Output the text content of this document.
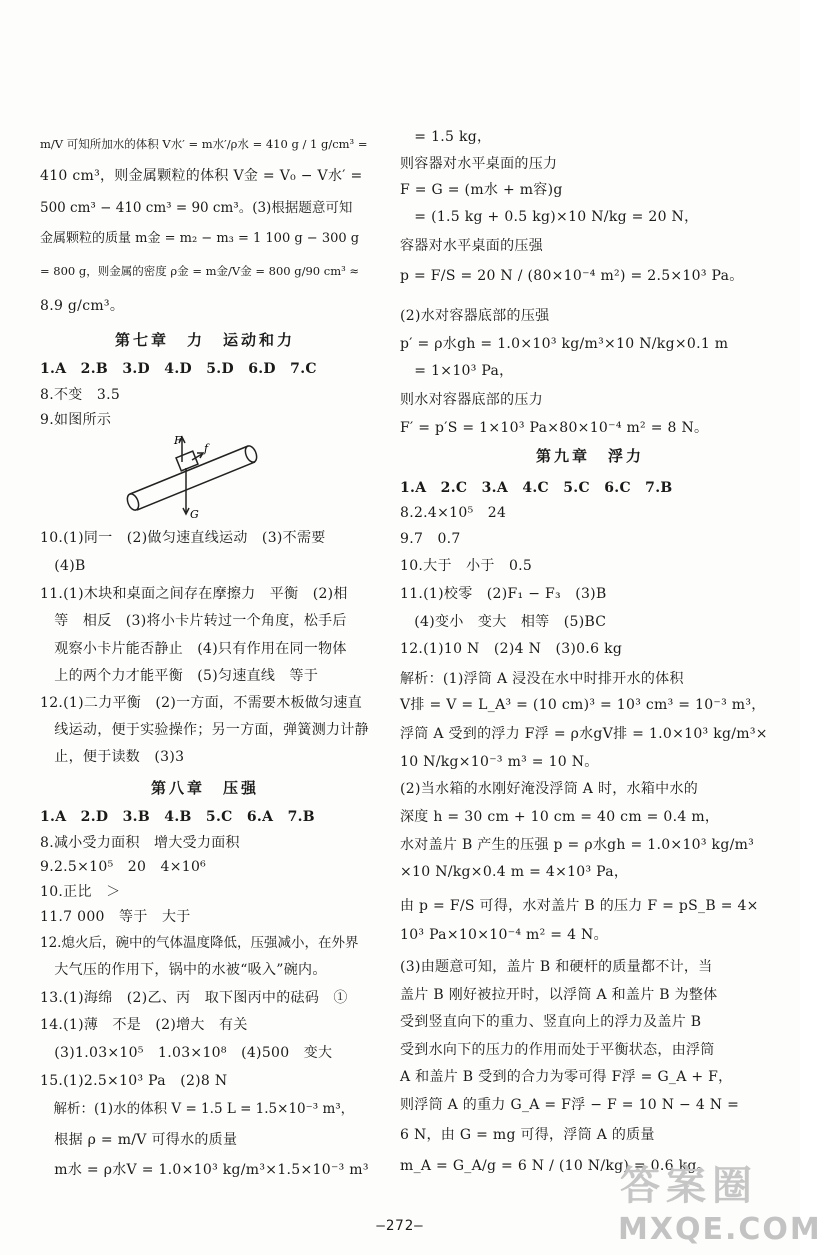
m/V 可知所加水的体积 V水′ = m水′/ρ水 = 410 g / 1 g/cm³ =
410 cm³，则金属颗粒的体积 V金 = V₀ − V水′ =
500 cm³ − 410 cm³ = 90 cm³。(3)根据题意可知
金属颗粒的质量 m金 = m₂ − m₃ = 1 100 g − 300 g
= 800 g，则金属的密度 ρ金 = m金/V金 = 800 g/90 cm³ ≈
8.9 g/cm³。
第七章　力　运动和力
1.A　2.B　3.D　4.D　5.D　6.D　7.C
8.不变　3.5
9.如图所示
10.(1)同一　(2)做匀速直线运动　(3)不需要
　(4)B
11.(1)木块和桌面之间存在摩擦力　平衡　(2)相
　等　相反　(3)将小卡片转过一个角度，松手后
　观察小卡片能否静止　(4)只有作用在同一物体
　上的两个力才能平衡　(5)匀速直线　等于
12.(1)二力平衡　(2)一方面，不需要木板做匀速直
　线运动，便于实验操作；另一方面，弹簧测力计静
　止，便于读数　(3)3
第八章　压强
1.A　2.D　3.B　4.B　5.C　6.A　7.B
8.减小受力面积　增大受力面积
9.2.5×10⁵　20　4×10⁶
10.正比　＞
11.7 000　等于　大于
12.熄火后，碗中的气体温度降低，压强减小，在外界
　大气压的作用下，锅中的水被“吸入”碗内。
13.(1)海绵　(2)乙、丙　取下图丙中的砝码　①
14.(1)薄　不是　(2)增大　有关
　(3)1.03×10⁵　1.03×10⁸　(4)500　变大
15.(1)2.5×10³ Pa　(2)8 N
　解析：(1)水的体积 V = 1.5 L = 1.5×10⁻³ m³，
　根据 ρ = m/V 可得水的质量
　m水 = ρ水V = 1.0×10³ kg/m³×1.5×10⁻³ m³
　= 1.5 kg，
则容器对水平桌面的压力
F = G = (m水 + m容)g
　= (1.5 kg + 0.5 kg)×10 N/kg = 20 N，
容器对水平桌面的压强
p = F/S = 20 N / (80×10⁻⁴ m²) = 2.5×10³ Pa。
(2)水对容器底部的压强
p′ = ρ水gh = 1.0×10³ kg/m³×10 N/kg×0.1 m
　= 1×10³ Pa，
则水对容器底部的压力
F′ = p′S = 1×10³ Pa×80×10⁻⁴ m² = 8 N。
第九章　浮力
1.A　2.C　3.A　4.C　5.C　6.C　7.B
8.2.4×10⁵　24
9.7　0.7
10.大于　小于　0.5
11.(1)校零　(2)F₁ − F₃　(3)B
　(4)变小　变大　相等　(5)BC
12.(1)10 N　(2)4 N　(3)0.6 kg
解析：(1)浮筒 A 浸没在水中时排开水的体积
V排 = V = L_A³ = (10 cm)³ = 10³ cm³ = 10⁻³ m³，
浮筒 A 受到的浮力 F浮 = ρ水gV排 = 1.0×10³ kg/m³×
10 N/kg×10⁻³ m³ = 10 N。
(2)当水箱的水刚好淹没浮筒 A 时，水箱中水的
深度 h = 30 cm + 10 cm = 40 cm = 0.4 m，
水对盖片 B 产生的压强 p = ρ水gh = 1.0×10³ kg/m³
×10 N/kg×0.4 m = 4×10³ Pa，
由 p = F/S 可得，水对盖片 B 的压力 F = pS_B = 4×
10³ Pa×10×10⁻⁴ m² = 4 N。
(3)由题意可知，盖片 B 和硬杆的质量都不计，当
盖片 B 刚好被拉开时，以浮筒 A 和盖片 B 为整体
受到竖直向下的重力、竖直向上的浮力及盖片 B
受到水向下的压力的作用而处于平衡状态，由浮筒
A 和盖片 B 受到的合力为零可得 F浮 = G_A + F，
则浮筒 A 的重力 G_A = F浮 − F = 10 N − 4 N =
6 N，由 G = mg 可得，浮筒 A 的质量
m_A = G_A/g = 6 N / (10 N/kg) = 0.6 kg。
F
f
G
—272—
答案圈
MXQE.COM
